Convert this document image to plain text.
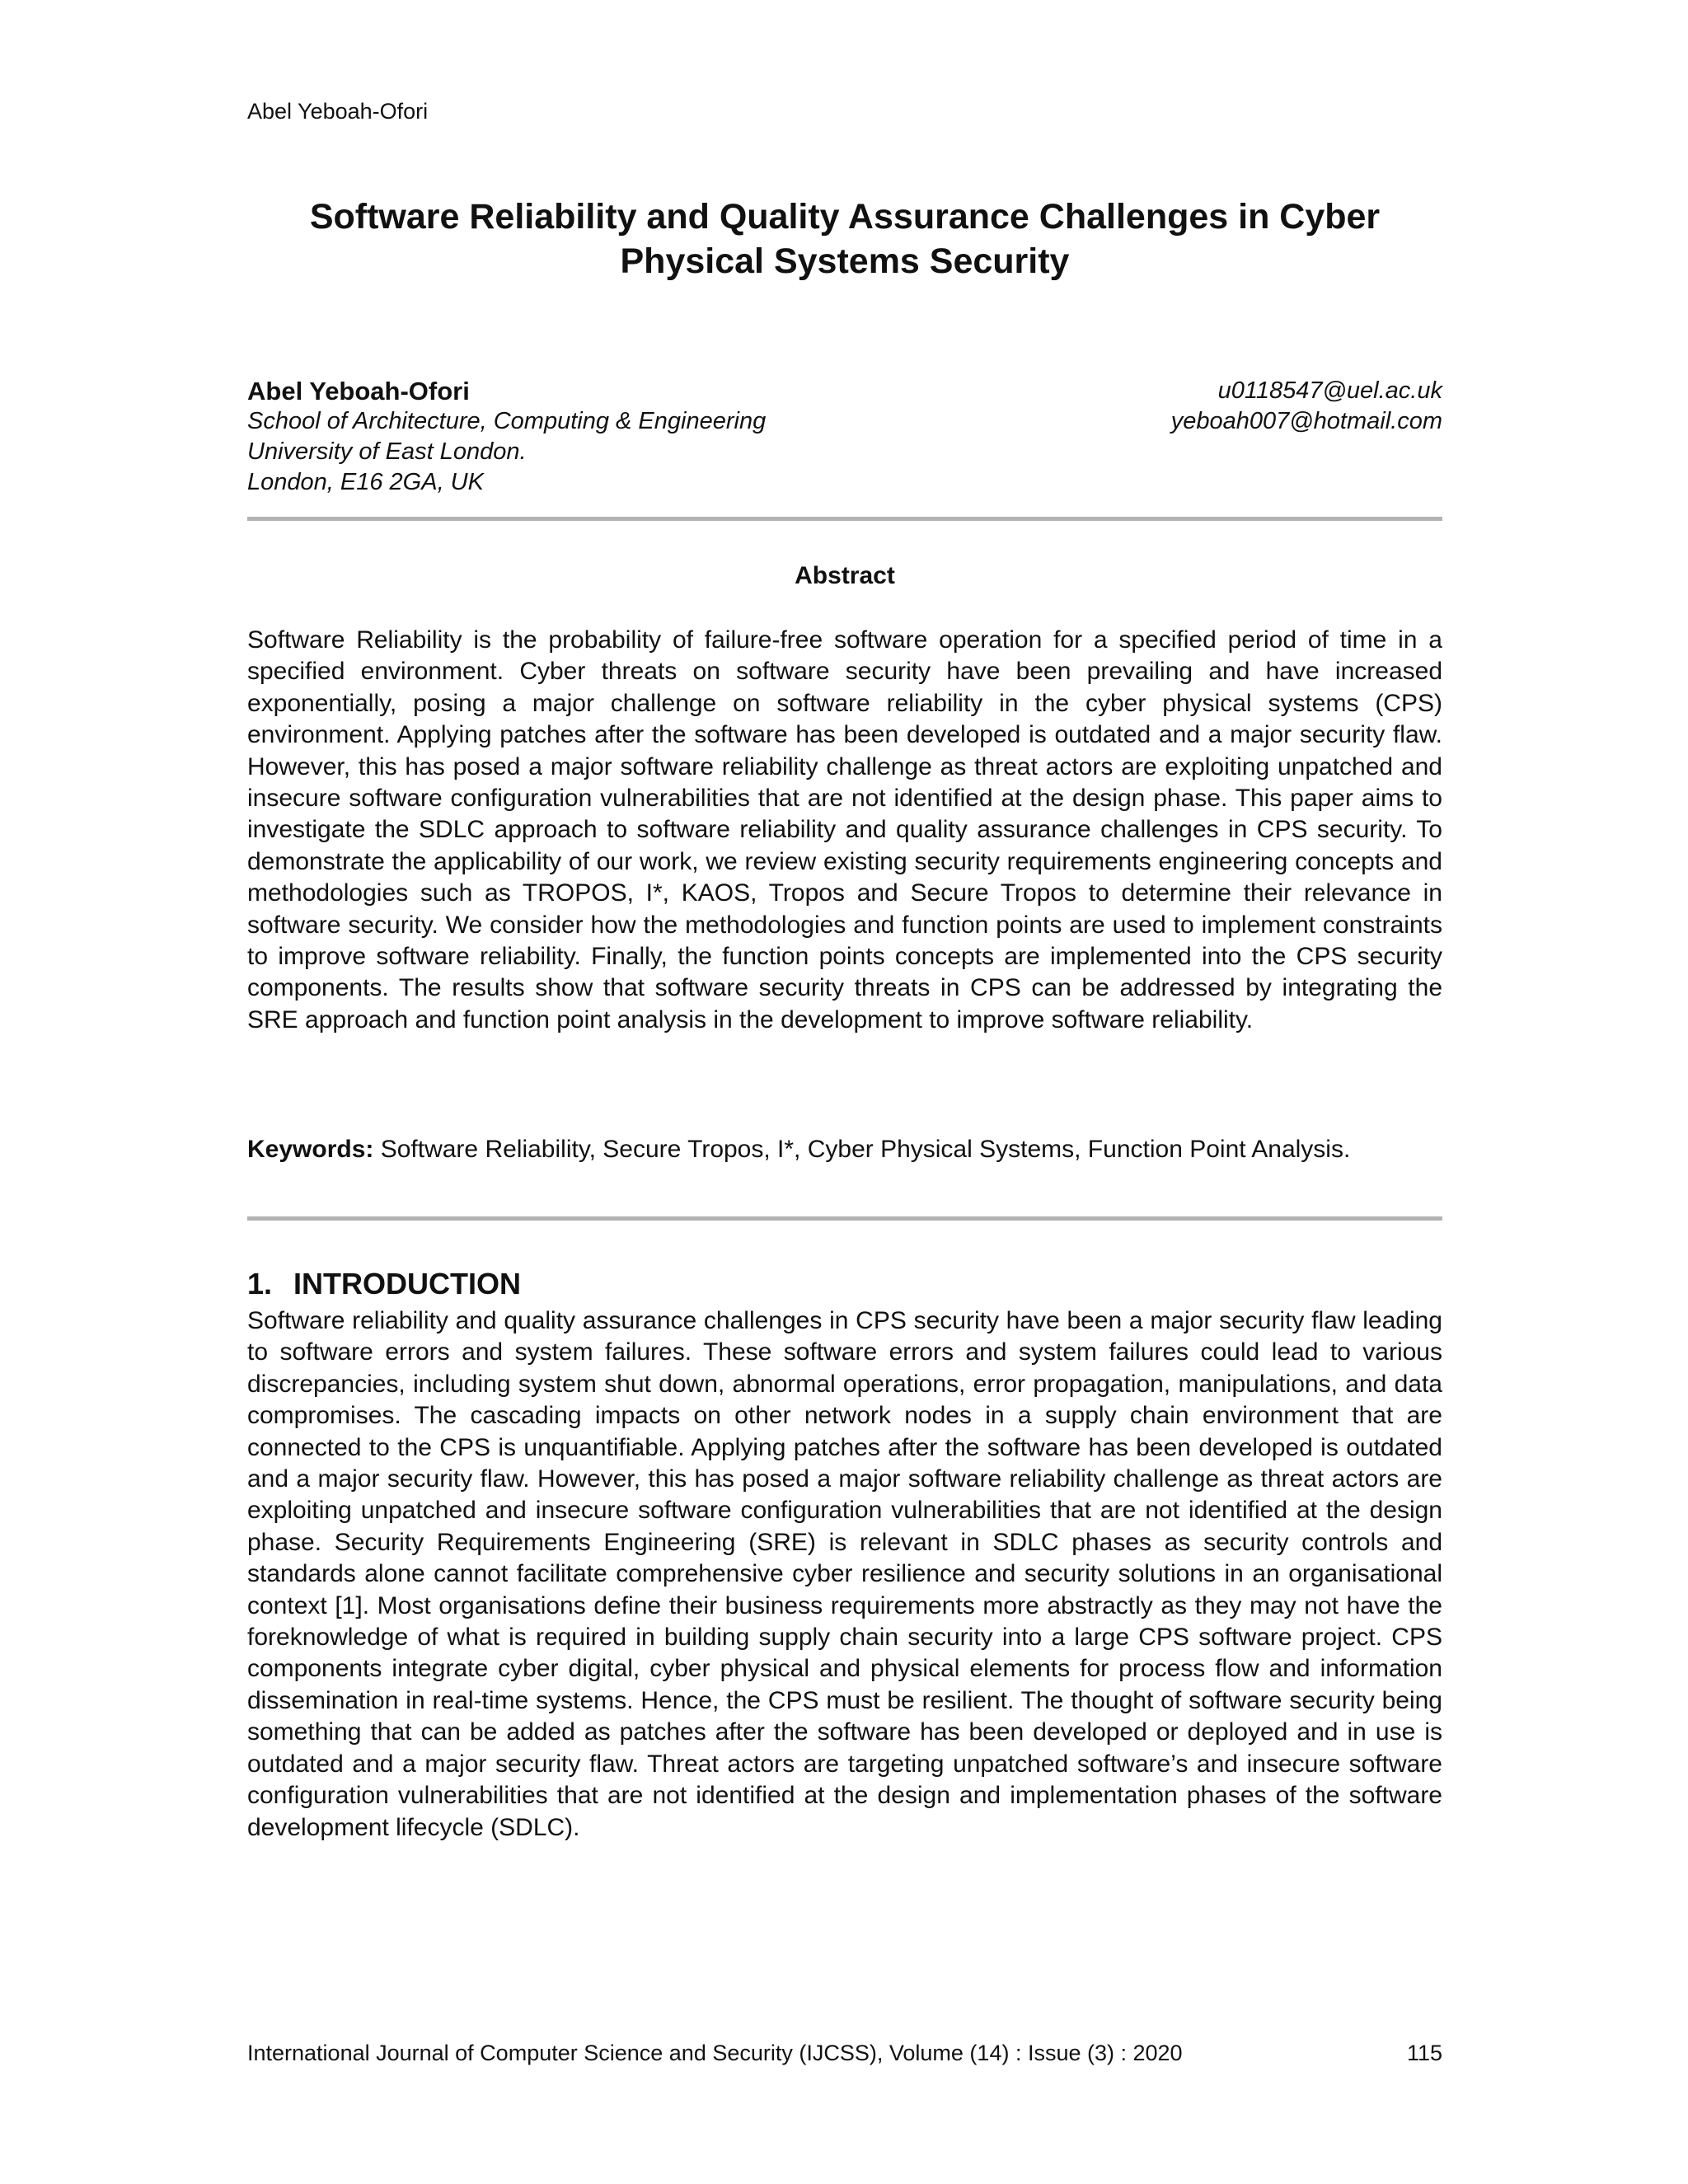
Abel Yeboah-Ofori
Software Reliability and Quality Assurance Challenges in Cyber Physical Systems Security
Abel Yeboah-Ofori
School of Architecture, Computing & Engineering
University of East London.
London, E16 2GA, UK
u0118547@uel.ac.uk
yeboah007@hotmail.com
Abstract
Software Reliability is the probability of failure-free software operation for a specified period of time in a specified environment. Cyber threats on software security have been prevailing and have increased exponentially, posing a major challenge on software reliability in the cyber physical systems (CPS) environment. Applying patches after the software has been developed is outdated and a major security flaw. However, this has posed a major software reliability challenge as threat actors are exploiting unpatched and insecure software configuration vulnerabilities that are not identified at the design phase. This paper aims to investigate the SDLC approach to software reliability and quality assurance challenges in CPS security. To demonstrate the applicability of our work, we review existing security requirements engineering concepts and methodologies such as TROPOS, I*, KAOS, Tropos and Secure Tropos to determine their relevance in software security. We consider how the methodologies and function points are used to implement constraints to improve software reliability. Finally, the function points concepts are implemented into the CPS security components. The results show that software security threats in CPS can be addressed by integrating the SRE approach and function point analysis in the development to improve software reliability.
Keywords: Software Reliability, Secure Tropos, I*, Cyber Physical Systems, Function Point Analysis.
1. INTRODUCTION
Software reliability and quality assurance challenges in CPS security have been a major security flaw leading to software errors and system failures. These software errors and system failures could lead to various discrepancies, including system shut down, abnormal operations, error propagation, manipulations, and data compromises. The cascading impacts on other network nodes in a supply chain environment that are connected to the CPS is unquantifiable. Applying patches after the software has been developed is outdated and a major security flaw. However, this has posed a major software reliability challenge as threat actors are exploiting unpatched and insecure software configuration vulnerabilities that are not identified at the design phase. Security Requirements Engineering (SRE) is relevant in SDLC phases as security controls and standards alone cannot facilitate comprehensive cyber resilience and security solutions in an organisational context [1]. Most organisations define their business requirements more abstractly as they may not have the foreknowledge of what is required in building supply chain security into a large CPS software project. CPS components integrate cyber digital, cyber physical and physical elements for process flow and information dissemination in real-time systems. Hence, the CPS must be resilient. The thought of software security being something that can be added as patches after the software has been developed or deployed and in use is outdated and a major security flaw. Threat actors are targeting unpatched software’s and insecure software configuration vulnerabilities that are not identified at the design and implementation phases of the software development lifecycle (SDLC).
International Journal of Computer Science and Security (IJCSS), Volume (14) : Issue (3) : 2020	115
